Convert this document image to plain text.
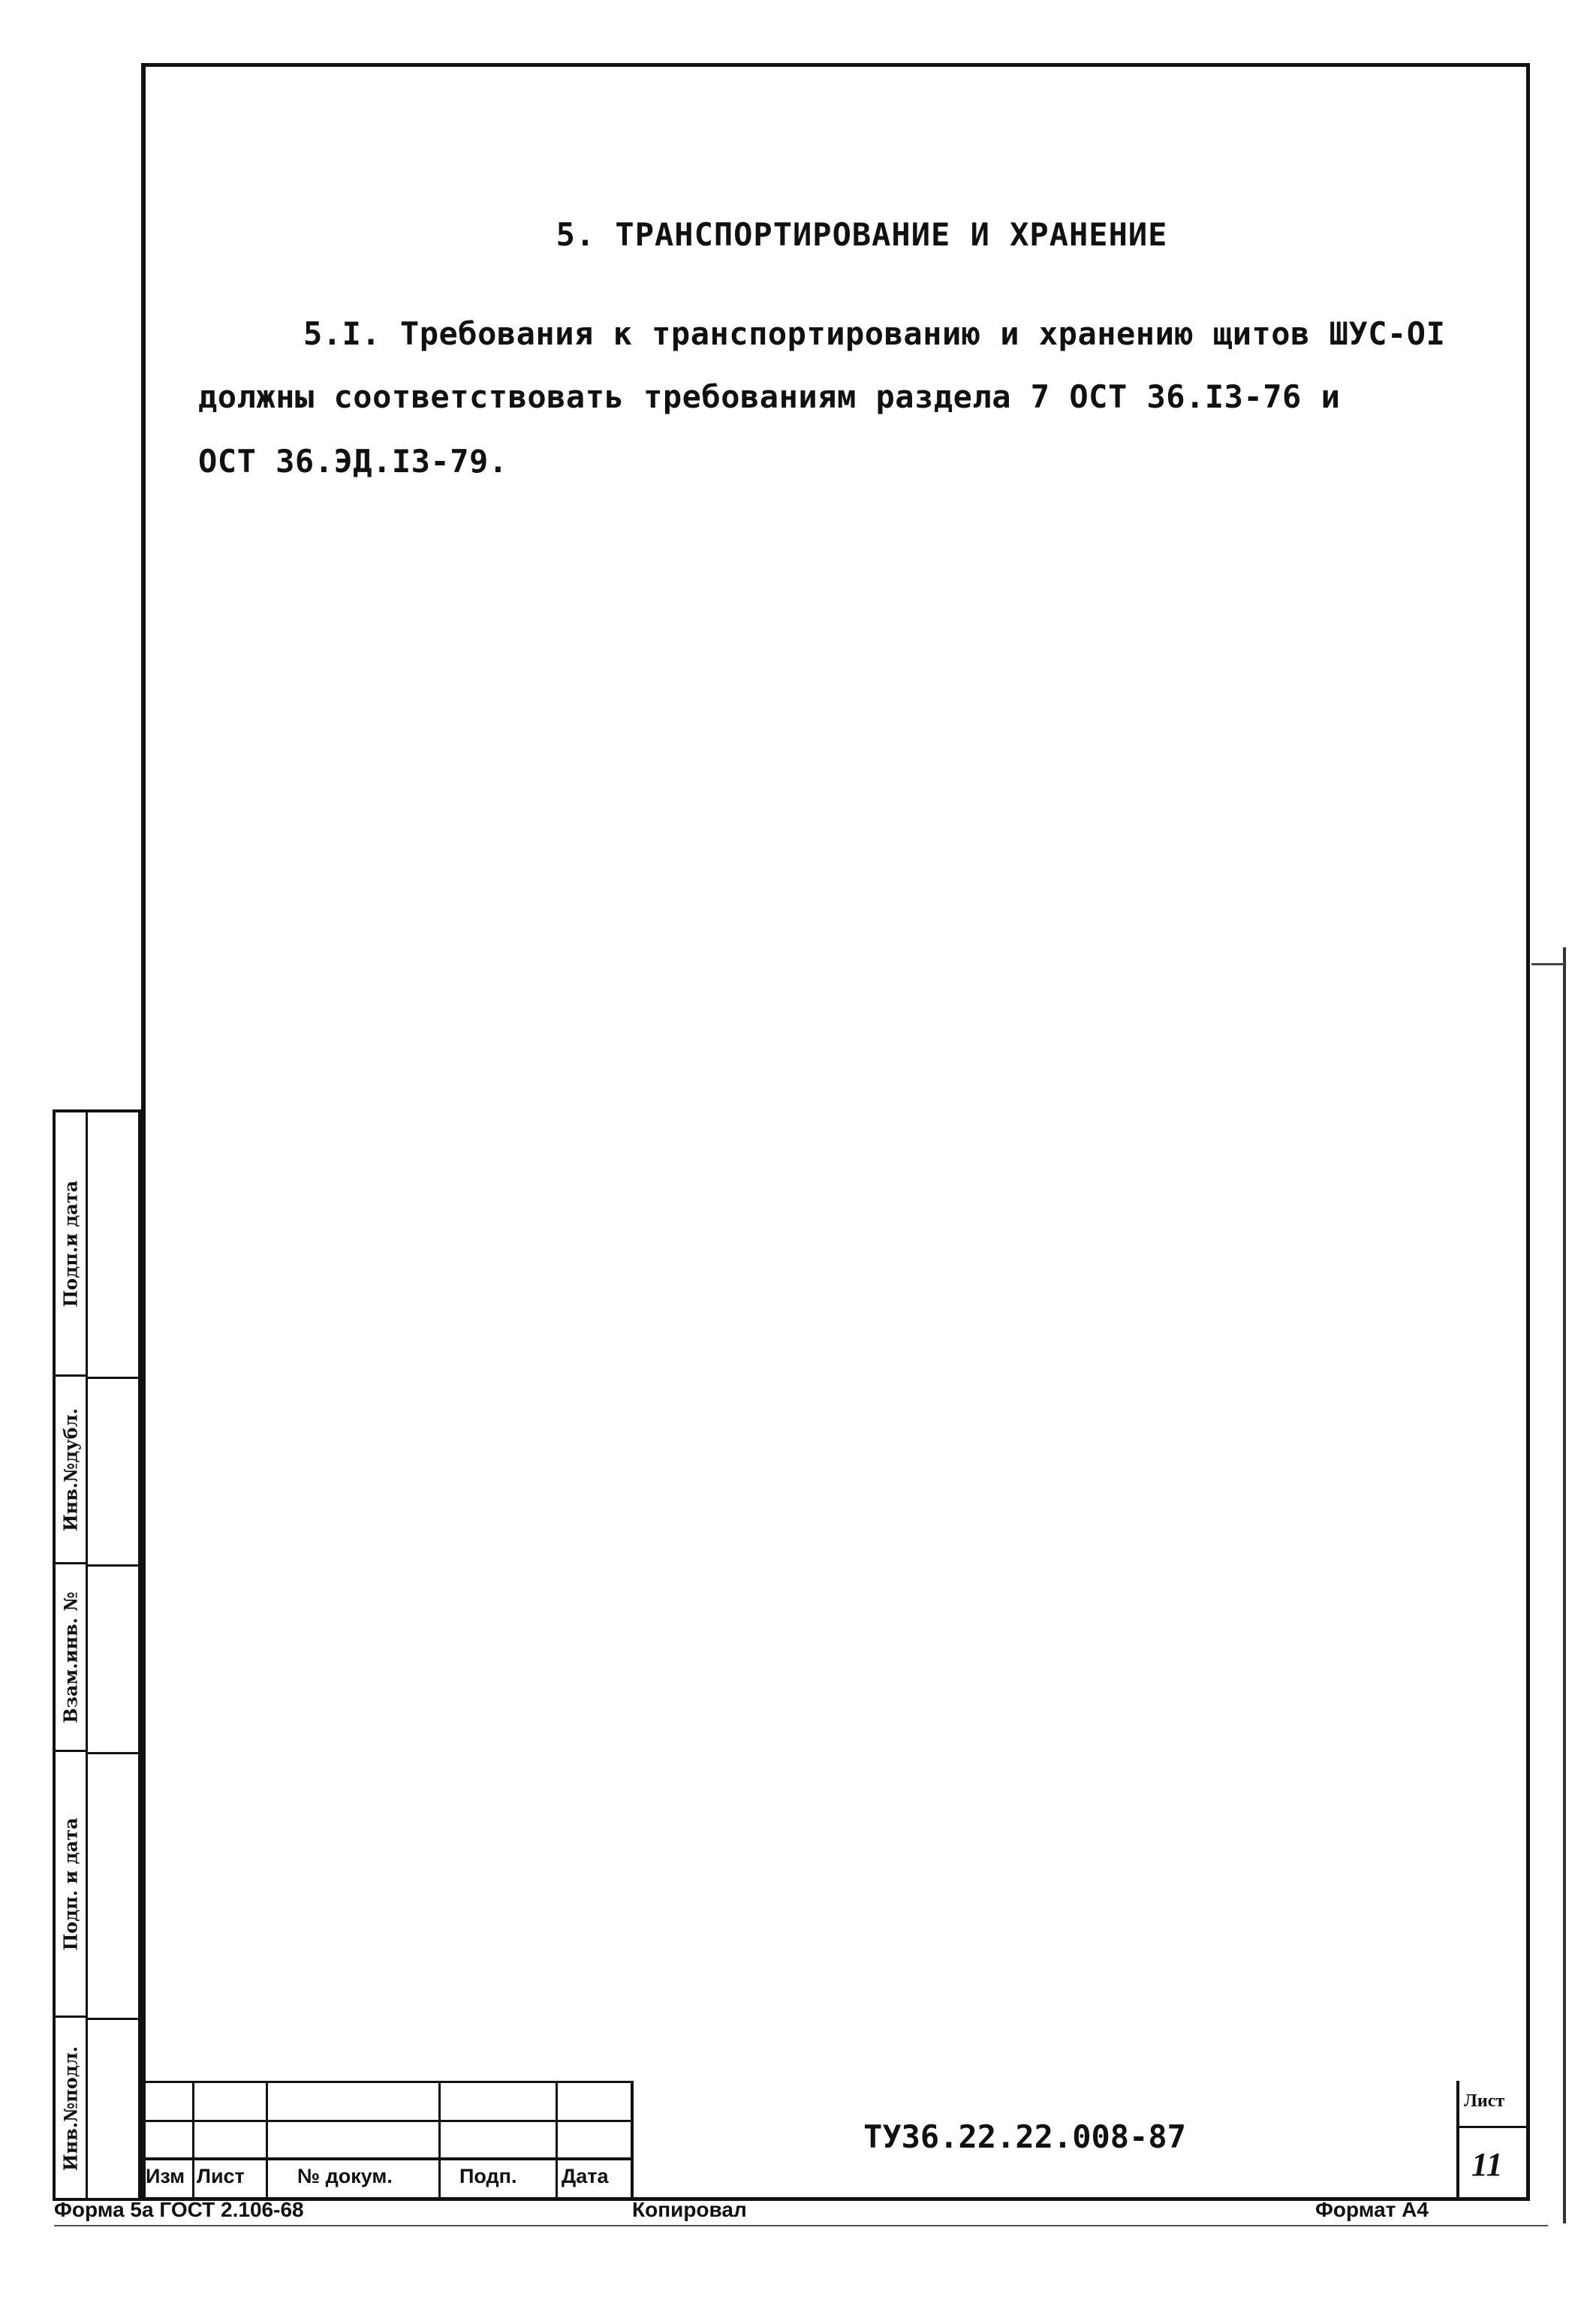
5. ТРАНСПОРТИРОВАНИЕ И ХРАНЕНИЕ
5.I. Требования к транспортированию и хранению щитов ШУС-OI
должны соответствовать требованиям раздела 7 ОСТ 36.I3-76 и
ОСТ 36.ЭД.I3-79.
Подп.и дата
Инв.№дубл.
Взам.инв. №
Подп. и дата
Инв.№подл.
Изм Лист	№ докум.	Подп. Дата
ТУ36.22.22.008-87
Лист
11
Форма 5а ГОСТ 2.106-68	Копировал	Формат А4
